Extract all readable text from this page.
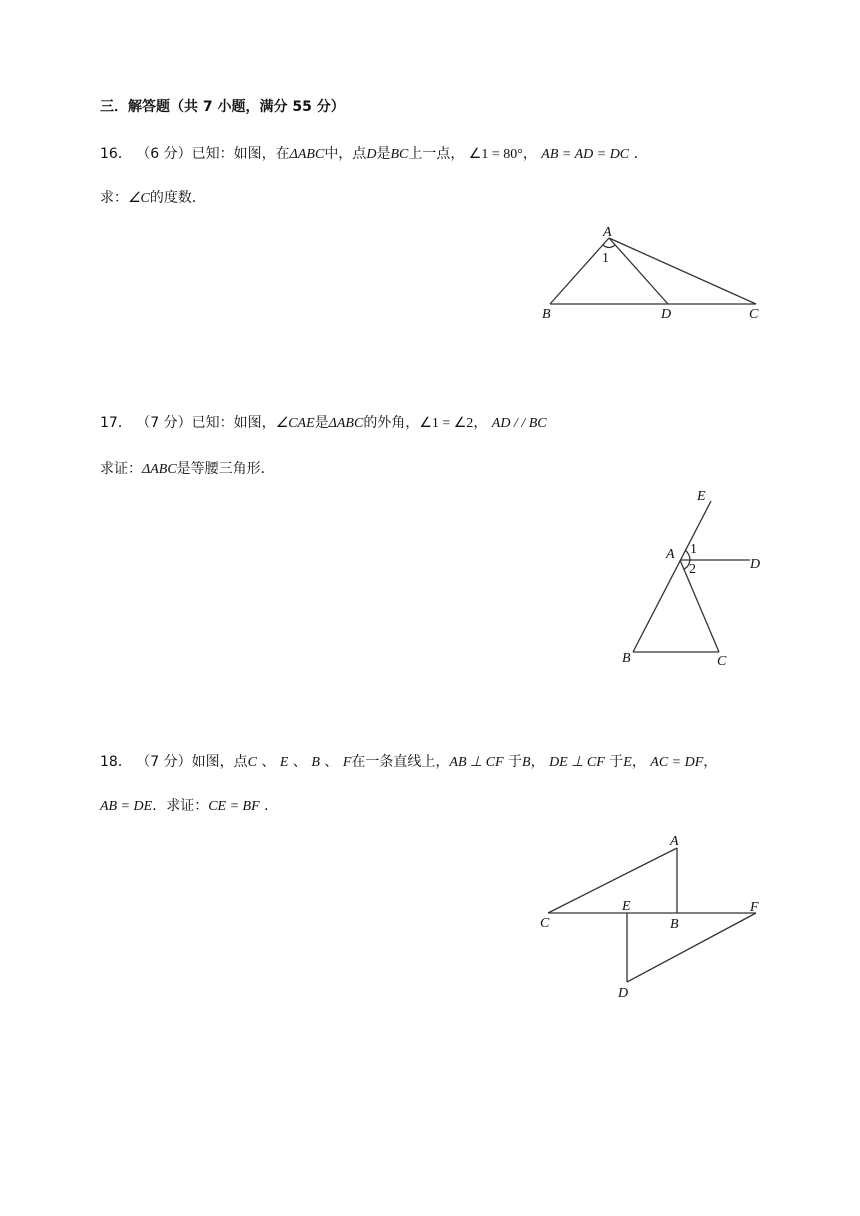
三．解答题（共 7 小题，满分 55 分）
16． （6 分）已知：如图，在ΔABC中，点D是BC上一点， ∠1 = 80°， AB = AD = DC ．
求：∠C的度数．
A
1
B	D	C
17． （7 分）已知：如图，∠CAE是ΔABC的外角，∠1 = ∠2， AD / / BC
求证：ΔABC是等腰三角形．
E
A 1
2	D
B	C
18． （7 分）如图，点C 、 E 、 B 、 F在一条直线上，AB ⊥ CF 于B， DE ⊥ CF 于E， AC = DF，
AB = DE．求证：CE = BF ．
A
C
E
B
F
D
